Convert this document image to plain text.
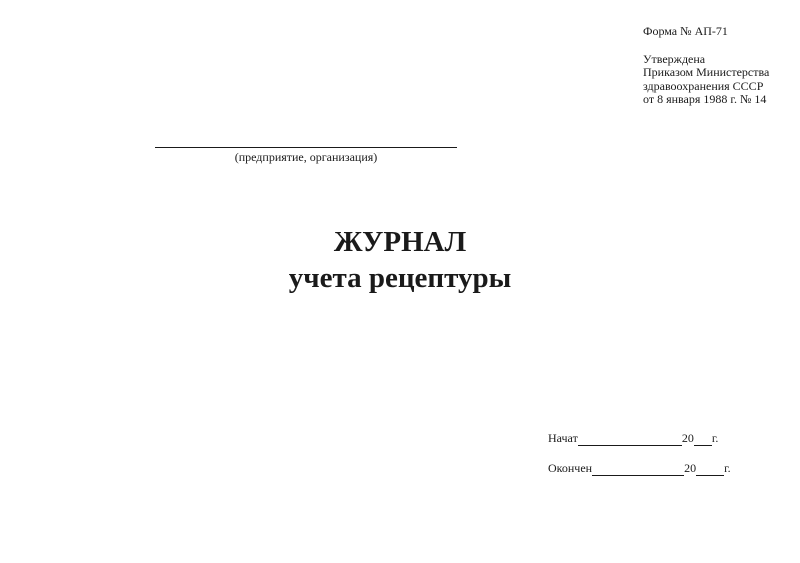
Форма № АП-71
Утверждена
Приказом Министерства
здравоохранения СССР
от 8 января 1988 г. № 14
(предприятие, организация)
ЖУРНАЛ
учета рецептуры
Начат	20 г.
Окончен	20 г.
